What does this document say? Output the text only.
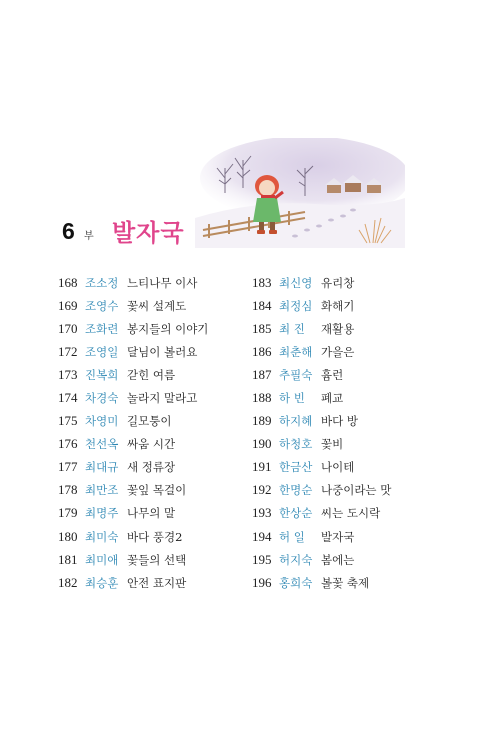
6 부 발자국
168 조소정 느티나무 이사
169 조영수 꽃씨 설계도
170 조화련 봉지들의 이야기
172 조영일 달님이 볼러요
173 진복희 갇힌 여름
174 차경숙 놀라지 말라고
175 차영미 길모퉁이
176 천선옥 싸움 시간
177 최대규 새 정류장
178 최만조 꽃잎 목걸이
179 최명주 나무의 말
180 최미숙 바다 풍경2
181 최미애 꽃들의 선택
182 최승훈 안전 표지판
183 최신영 유리창
184 최정심 화해기
185 최 진	재활용
186 최춘해 가을은
187 추필숙 흄런
188 하 빈	폐교
189 하지혜 바다 방
190 하청호 꽃비
191 한금산 나이테
192 한명순 나중이라는 맛
193 한상순 씨는 도시락
194 허 일	발자국
195 허지숙 봄에는
196 홍희숙 볼꽃 축제
